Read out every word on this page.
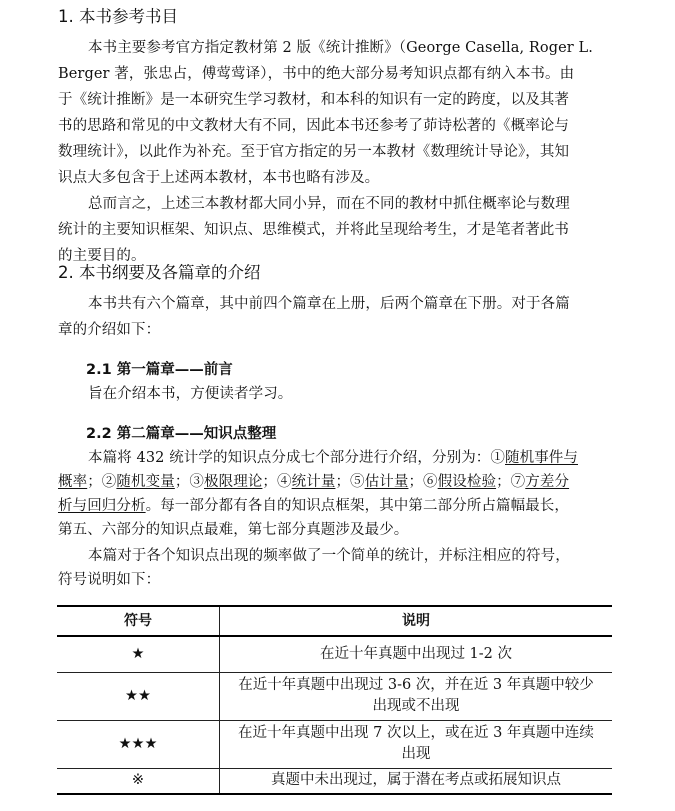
1. 本书参考书目
本书主要参考官方指定教材第 2 版《统计推断》（George Casella, Roger L.
Berger 著，张忠占，傅莺莺译），书中的绝大部分易考知识点都有纳入本书。由
于《统计推断》是一本研究生学习教材，和本科的知识有一定的跨度，以及其著
书的思路和常见的中文教材大有不同，因此本书还参考了茆诗松著的《概率论与
数理统计》，以此作为补充。至于官方指定的另一本教材《数理统计导论》，其知
识点大多包含于上述两本教材，本书也略有涉及。
总而言之，上述三本教材都大同小异，而在不同的教材中抓住概率论与数理
统计的主要知识框架、知识点、思维模式，并将此呈现给考生，才是笔者著此书
的主要目的。
2. 本书纲要及各篇章的介绍
本书共有六个篇章，其中前四个篇章在上册，后两个篇章在下册。对于各篇
章的介绍如下：
2.1 第一篇章——前言
旨在介绍本书，方便读者学习。
2.2 第二篇章——知识点整理
本篇将 432 统计学的知识点分成七个部分进行介绍，分别为：①随机事件与
概率；②随机变量；③极限理论；④统计量；⑤估计量；⑥假设检验；⑦方差分
析与回归分析。每一部分都有各自的知识点框架，其中第二部分所占篇幅最长，
第五、六部分的知识点最难，第七部分真题涉及最少。
本篇对于各个知识点出现的频率做了一个简单的统计，并标注相应的符号，
符号说明如下：
符号	说明
★	在近十年真题中出现过 1-2 次

★★	在近十年真题中出现过 3-6 次，并在近 3 年真题中较少
出现或不出现

★★★	在近十年真题中出现 7 次以上，或在近 3 年真题中连续
出现

※	真题中未出现过，属于潜在考点或拓展知识点
